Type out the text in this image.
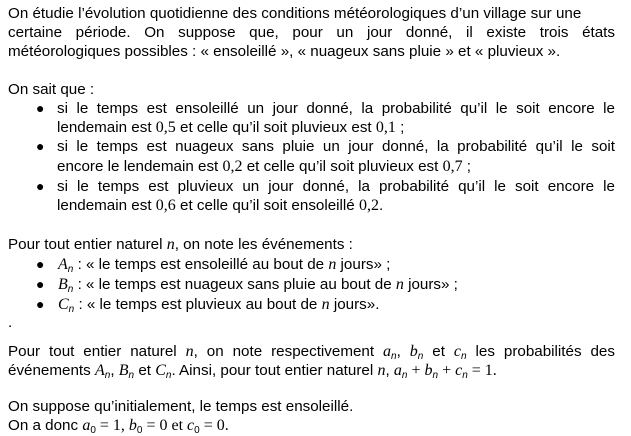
On étudie l’évolution quotidienne des conditions météorologiques d’un village sur une
certaine période. On suppose que, pour un jour donné, il existe trois états
météorologiques possibles : « ensoleillé », « nuageux sans pluie » et « pluvieux ».
On sait que :
● si le temps est ensoleillé un jour donné, la probabilité qu’il le soit encore le
lendemain est 0,5 et celle qu’il soit pluvieux est 0,1 ;
● si le temps est nuageux sans pluie un jour donné, la probabilité qu’il le soit
encore le lendemain est 0,2 et celle qu’il soit pluvieux est 0,7 ;
● si le temps est pluvieux un jour donné, la probabilité qu’il le soit encore le
lendemain est 0,6 et celle qu’il soit ensoleillé 0,2.
Pour tout entier naturel n, on note les événements :
● $A_n$ : « le temps est ensoleillé au bout de n jours» ;
● $B_n$ : « le temps est nuageux sans pluie au bout de n jours» ;
● $C_n$ : « le temps est pluvieux au bout de n jours».
.
Pour tout entier naturel n, on note respectivement $a_n$, $b_n$ et $c_n$ les probabilités des
événements $A_n$, $B_n$ et $C_n$. Ainsi, pour tout entier naturel n, $a_n + b_n + c_n = 1$.
On suppose qu’initialement, le temps est ensoleillé.
On a donc $a_0 = 1$, $b_0 = 0$ et $c_0 = 0$.
